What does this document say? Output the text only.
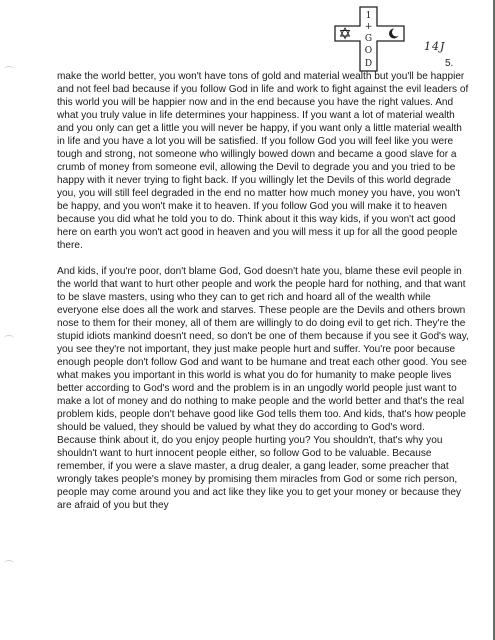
1
+
G
O
D
14J
5.

make the world better, you won't have tons of gold and material wealth but you'll be happier and not feel bad because if you follow God in life and work to fight against the evil leaders of this world you will be happier now and in the end because you have the right values. And what you truly value in life determines your happiness. If you want a lot of material wealth and you only can get a little you will never be happy, if you want only a little material wealth in life and you have a lot you will be satisfied. If you follow God you will feel like you were tough and strong, not someone who willingly bowed down and became a good slave for a crumb of money from someone evil, allowing the Devil to degrade you and you tried to be happy with it never trying to fight back. If you willingly let the Devils of this world degrade you, you will still feel degraded in the end no matter how much money you have, you won't be happy, and you won't make it to heaven. If you follow God you will make it to heaven because you did what he told you to do. Think about it this way kids, if you won't act good here on earth you won't act good in heaven and you will mess it up for all the good people there.

And kids, if you're poor, don't blame God, God doesn't hate you, blame these evil people in the world that want to hurt other people and work the people hard for nothing, and that want to be slave masters, using who they can to get rich and hoard all of the wealth while everyone else does all the work and starves. These people are the Devils and others brown nose to them for their money, all of them are willingly to do doing evil to get rich. They're the stupid idiots mankind doesn't need, so don't be one of them because if you see it God's way, you see they're not important, they just make people hurt and suffer. You're poor because enough people don't follow God and want to be humane and treat each other good. You see what makes you important in this world is what you do for humanity to make people lives better according to God's word and the problem is in an ungodly world people just want to make a lot of money and do nothing to make people and the world better and that's the real problem kids, people don't behave good like God tells them too. And kids, that's how people should be valued, they should be valued by what they do according to God's word.

Because think about it, do you enjoy people hurting you? You shouldn't, that's why you shouldn't want to hurt innocent people either, so follow God to be valuable. Because remember, if you were a slave master, a drug dealer, a gang leader, some preacher that wrongly takes people's money by promising them miracles from God or some rich person, people may come around you and act like they like you to get your money or because they are afraid of you but they
